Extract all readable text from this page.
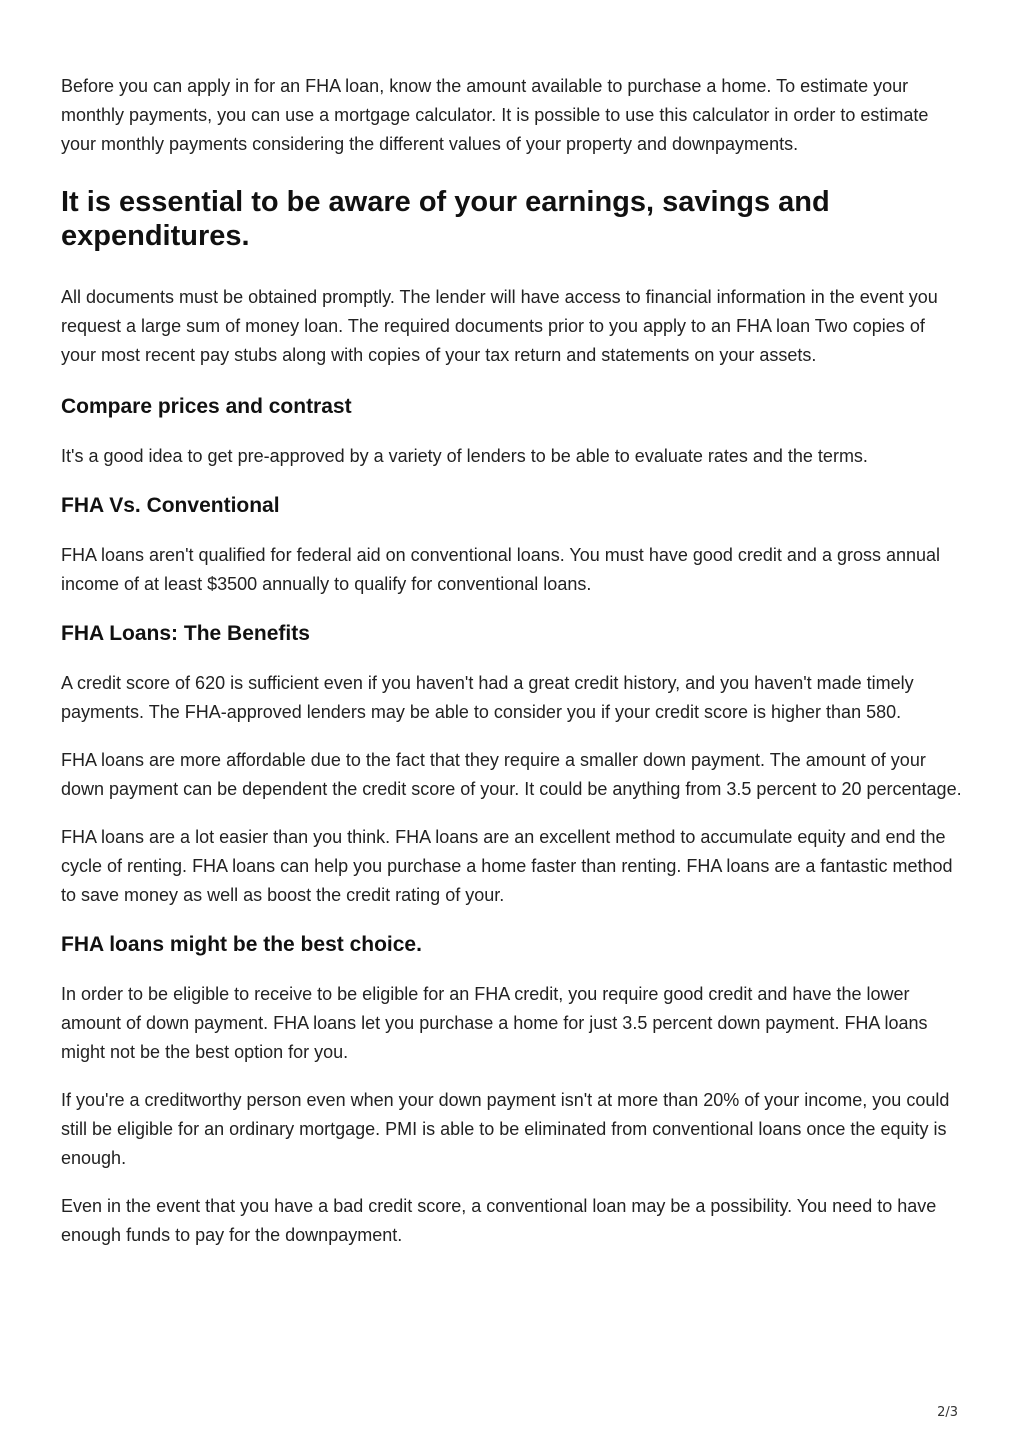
Before you can apply in for an FHA loan, know the amount available to purchase a home. To estimate your monthly payments, you can use a mortgage calculator. It is possible to use this calculator in order to estimate your monthly payments considering the different values of your property and downpayments.

It is essential to be aware of your earnings, savings and expenditures.

All documents must be obtained promptly. The lender will have access to financial information in the event you request a large sum of money loan. The required documents prior to you apply to an FHA loan Two copies of your most recent pay stubs along with copies of your tax return and statements on your assets.

Compare prices and contrast

It's a good idea to get pre-approved by a variety of lenders to be able to evaluate rates and the terms.

FHA Vs. Conventional

FHA loans aren't qualified for federal aid on conventional loans. You must have good credit and a gross annual income of at least $3500 annually to qualify for conventional loans.

FHA Loans: The Benefits

A credit score of 620 is sufficient even if you haven't had a great credit history, and you haven't made timely payments. The FHA-approved lenders may be able to consider you if your credit score is higher than 580.

FHA loans are more affordable due to the fact that they require a smaller down payment. The amount of your down payment can be dependent the credit score of your. It could be anything from 3.5 percent to 20 percentage.

FHA loans are a lot easier than you think. FHA loans are an excellent method to accumulate equity and end the cycle of renting. FHA loans can help you purchase a home faster than renting. FHA loans are a fantastic method to save money as well as boost the credit rating of your.

FHA loans might be the best choice.

In order to be eligible to receive to be eligible for an FHA credit, you require good credit and have the lower amount of down payment. FHA loans let you purchase a home for just 3.5 percent down payment. FHA loans might not be the best option for you.

If you're a creditworthy person even when your down payment isn't at more than 20% of your income, you could still be eligible for an ordinary mortgage. PMI is able to be eliminated from conventional loans once the equity is enough.

Even in the event that you have a bad credit score, a conventional loan may be a possibility. You need to have enough funds to pay for the downpayment.

2/3
